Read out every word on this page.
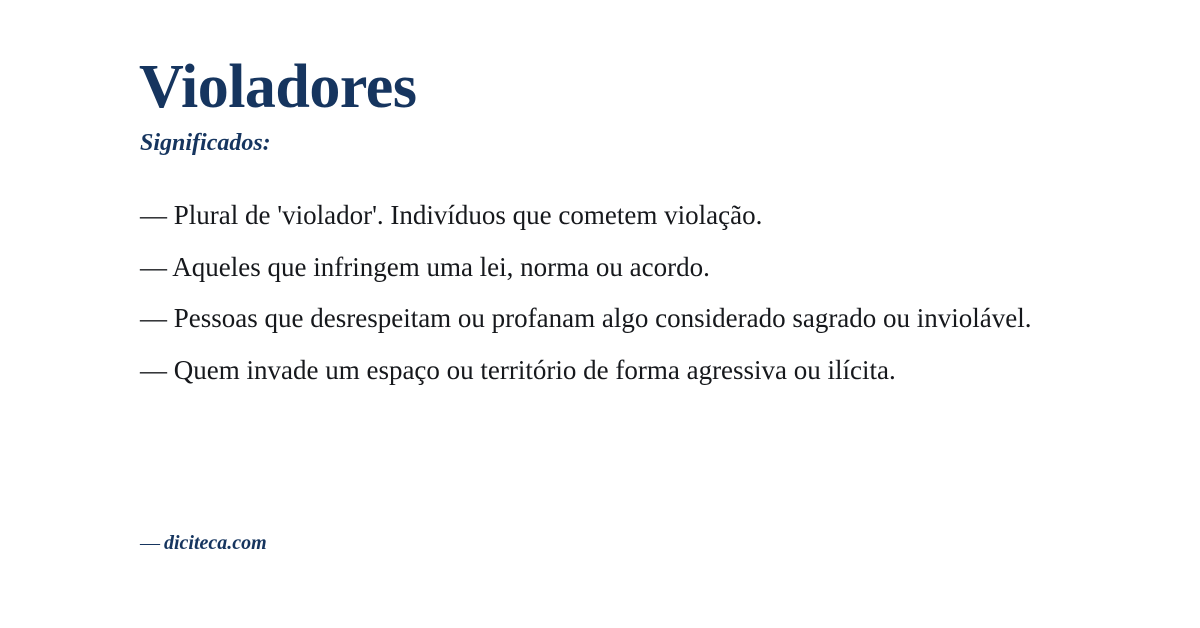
Violadores
Significados:
— Plural de 'violador'. Indivíduos que cometem violação.
— Aqueles que infringem uma lei, norma ou acordo.
— Pessoas que desrespeitam ou profanam algo considerado sagrado ou inviolável.
— Quem invade um espaço ou território de forma agressiva ou ilícita.
— diciteca.com
